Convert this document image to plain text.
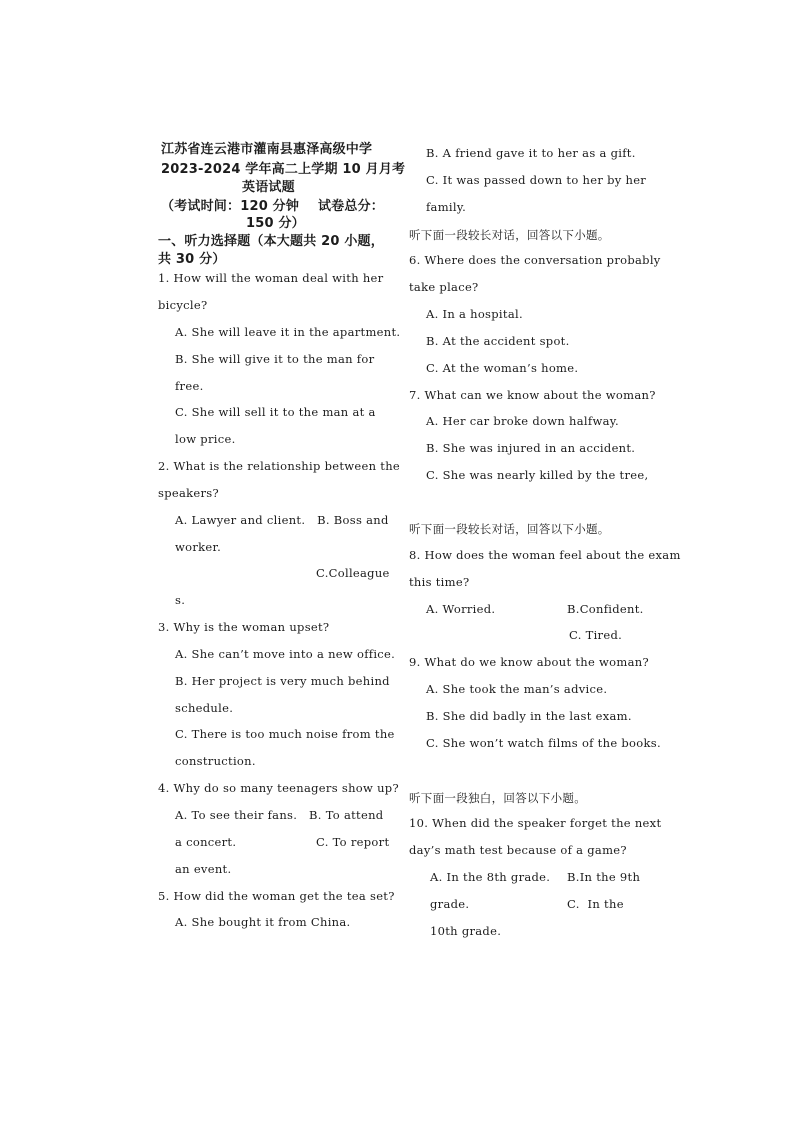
江苏省连云港市灌南县惠泽高级中学
2023-2024 学年高二上学期 10 月月考
英语试题
（考试时间：120 分钟    试卷总分：
150 分）
一、听力选择题（本大题共 20 小题，
共 30 分）
1. How will the woman deal with her
bicycle?
A. She will leave it in the apartment.
B. She will give it to the man for
free.
C. She will sell it to the man at a
low price.
2. What is the relationship between the
speakers?
A. Lawyer and client.   B. Boss and
worker.
C.Colleague
s.
3. Why is the woman upset?
A. She can’t move into a new office.
B. Her project is very much behind
schedule.
C. There is too much noise from the
construction.
4. Why do so many teenagers show up?
A. To see their fans.   B. To attend
a concert.	C. To report
an event.
5. How did the woman get the tea set?
A. She bought it from China.
B. A friend gave it to her as a gift.
C. It was passed down to her by her
family.
听下面一段较长对话，回答以下小题。
6. Where does the conversation probably
take place?
A. In a hospital.
B. At the accident spot.
C. At the woman’s home.
7. What can we know about the woman?
A. Her car broke down halfway.
B. She was injured in an accident.
C. She was nearly killed by the tree,
听下面一段较长对话，回答以下小题。
8. How does the woman feel about the exam
this time?
A. Worried.	B.Confident.
C. Tired.
9. What do we know about the woman?
A. She took the man’s advice.
B. She did badly in the last exam.
C. She won’t watch films of the books.
听下面一段独白，回答以下小题。
10. When did the speaker forget the next
day’s math test because of a game?
A. In the 8th grade. B.In the 9th
grade.	C.  In the
10th grade.
